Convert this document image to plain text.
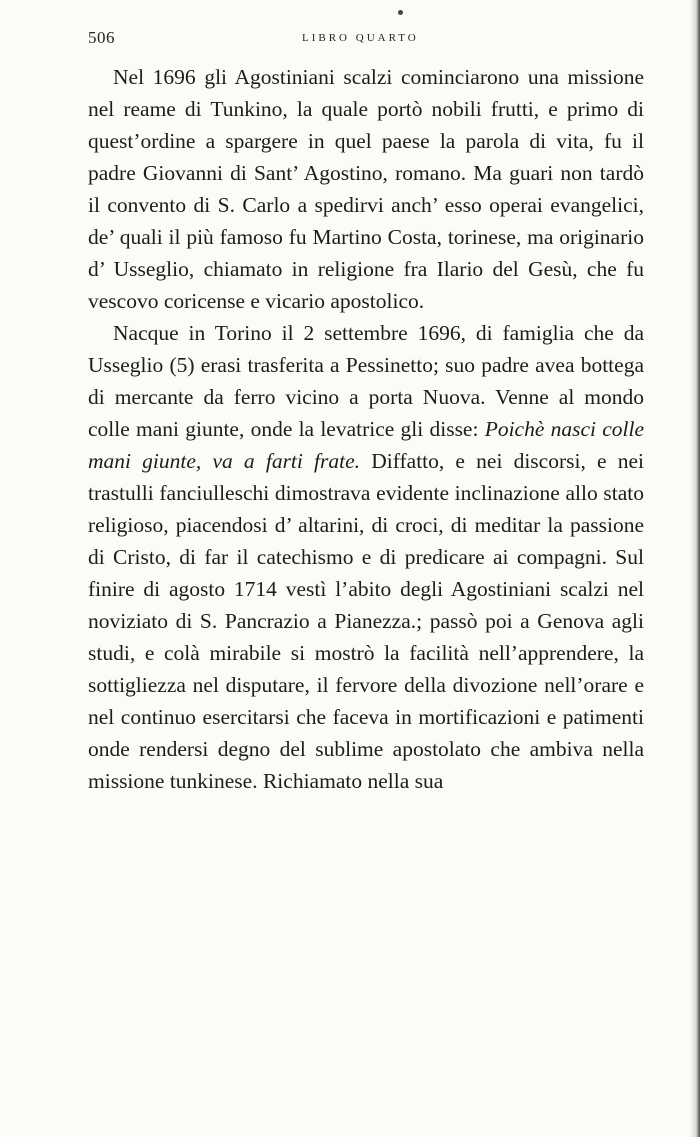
506	LIBRO QUARTO

Nel 1696 gli Agostiniani scalzi cominciarono una missione nel reame di Tunkino, la quale portò nobili frutti, e primo di quest’ordine a spargere in quel paese la parola di vita, fu il padre Giovanni di Sant’ Agostino, romano. Ma guari non tardò il convento di S. Carlo a spedirvi anch’ esso operai evangelici, de’ quali il più famoso fu Martino Costa, torinese, ma originario d’ Usseglio, chiamato in religione fra Ilario del Gesù, che fu vescovo coricense e vicario apostolico.

Nacque in Torino il 2 settembre 1696, di famiglia che da Usseglio (5) erasi trasferita a Pessinetto; suo padre avea bottega di mercante da ferro vicino a porta Nuova. Venne al mondo colle mani giunte, onde la levatrice gli disse: Poichè nasci colle mani giunte, va a farti frate. Diffatto, e nei discorsi, e nei trastulli fanciulleschi dimostrava evidente inclinazione allo stato religioso, piacendosi d’ altarini, di croci, di meditar la passione di Cristo, di far il catechismo e di predicare ai compagni. Sul finire di agosto 1714 vestì l’abito degli Agostiniani scalzi nel noviziato di S. Pancrazio a Pianezza.; passò poi a Genova agli studi, e colà mirabile si mostrò la facilità nell’apprendere, la sottigliezza nel disputare, il fervore della divozione nell’orare e nel continuo esercitarsi che faceva in mortificazioni e patimenti onde rendersi degno del sublime apostolato che ambiva nella missione tunkinese. Richiamato nella sua
